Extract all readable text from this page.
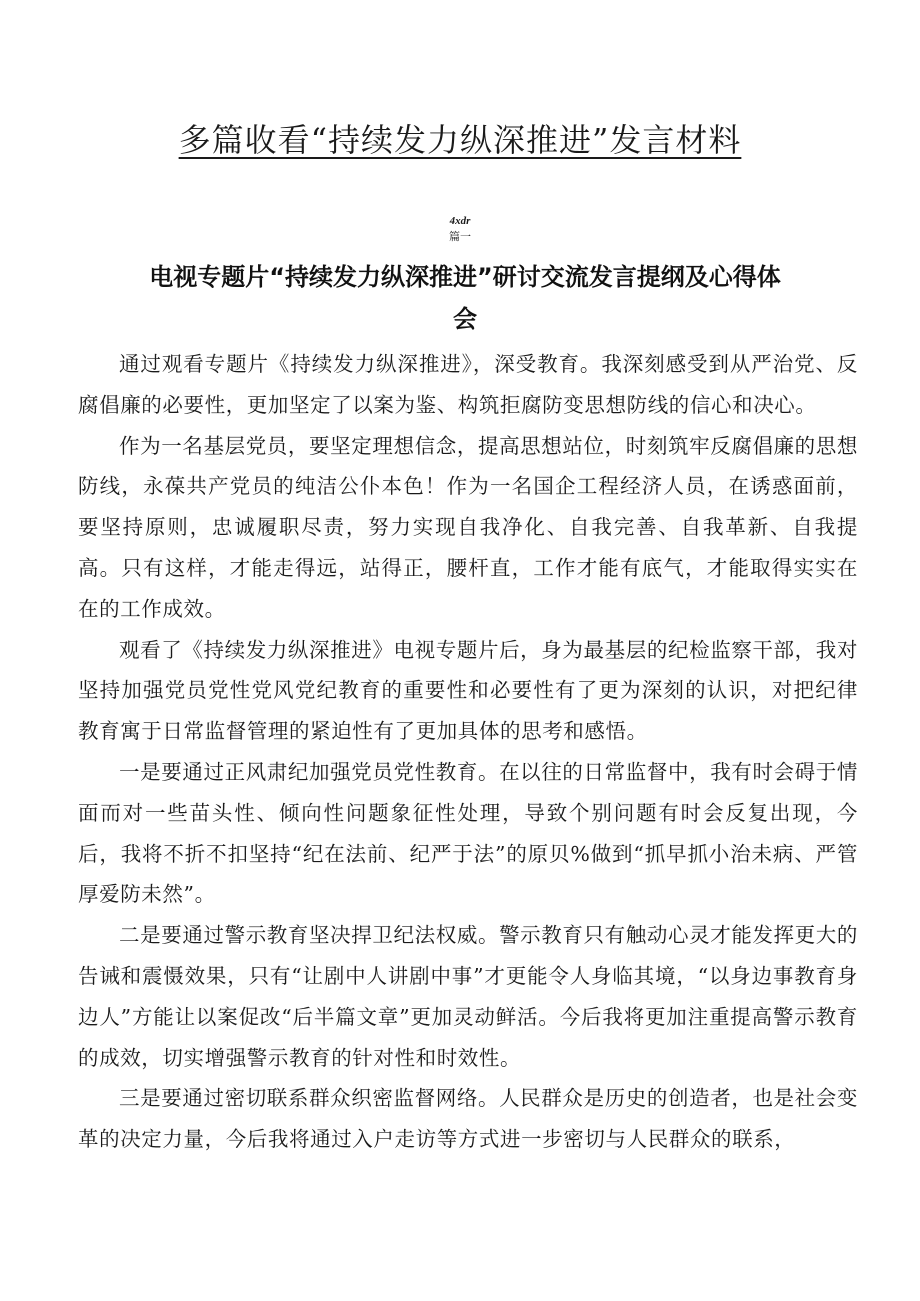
多篇收看“持续发力纵深推进”发言材料
4xdr
篇一
电视专题片“持续发力纵深推进”研讨交流发言提纲及心得体会

通过观看专题片《持续发力纵深推进》，深受教育。我深刻感受到从严治党、反腐倡廉的必要性，更加坚定了以案为鉴、构筑拒腐防变思想防线的信心和决心。

作为一名基层党员，要坚定理想信念，提高思想站位，时刻筑牢反腐倡廉的思想防线，永葆共产党员的纯洁公仆本色！作为一名国企工程经济人员，在诱惑面前，要坚持原则，忠诚履职尽责，努力实现自我净化、自我完善、自我革新、自我提高。只有这样，才能走得远，站得正，腰杆直，工作才能有底气，才能取得实实在在的工作成效。

观看了《持续发力纵深推进》电视专题片后，身为最基层的纪检监察干部，我对坚持加强党员党性党风党纪教育的重要性和必要性有了更为深刻的认识，对把纪律教育寓于日常监督管理的紧迫性有了更加具体的思考和感悟。

一是要通过正风肃纪加强党员党性教育。在以往的日常监督中，我有时会碍于情面而对一些苗头性、倾向性问题象征性处理，导致个别问题有时会反复出现，今后，我将不折不扣坚持“纪在法前、纪严于法”的原贝%做到“抓早抓小治未病、严管厚爱防未然”。

二是要通过警示教育坚决捍卫纪法权威。警示教育只有触动心灵才能发挥更大的告诫和震慑效果，只有“让剧中人讲剧中事”才更能令人身临其境，“以身边事教育身边人”方能让以案促改“后半篇文章”更加灵动鲜活。今后我将更加注重提高警示教育的成效，切实增强警示教育的针对性和时效性。

三是要通过密切联系群众织密监督网络。人民群众是历史的创造者，也是社会变革的决定力量，今后我将通过入户走访等方式进一步密切与人民群众的联系，
